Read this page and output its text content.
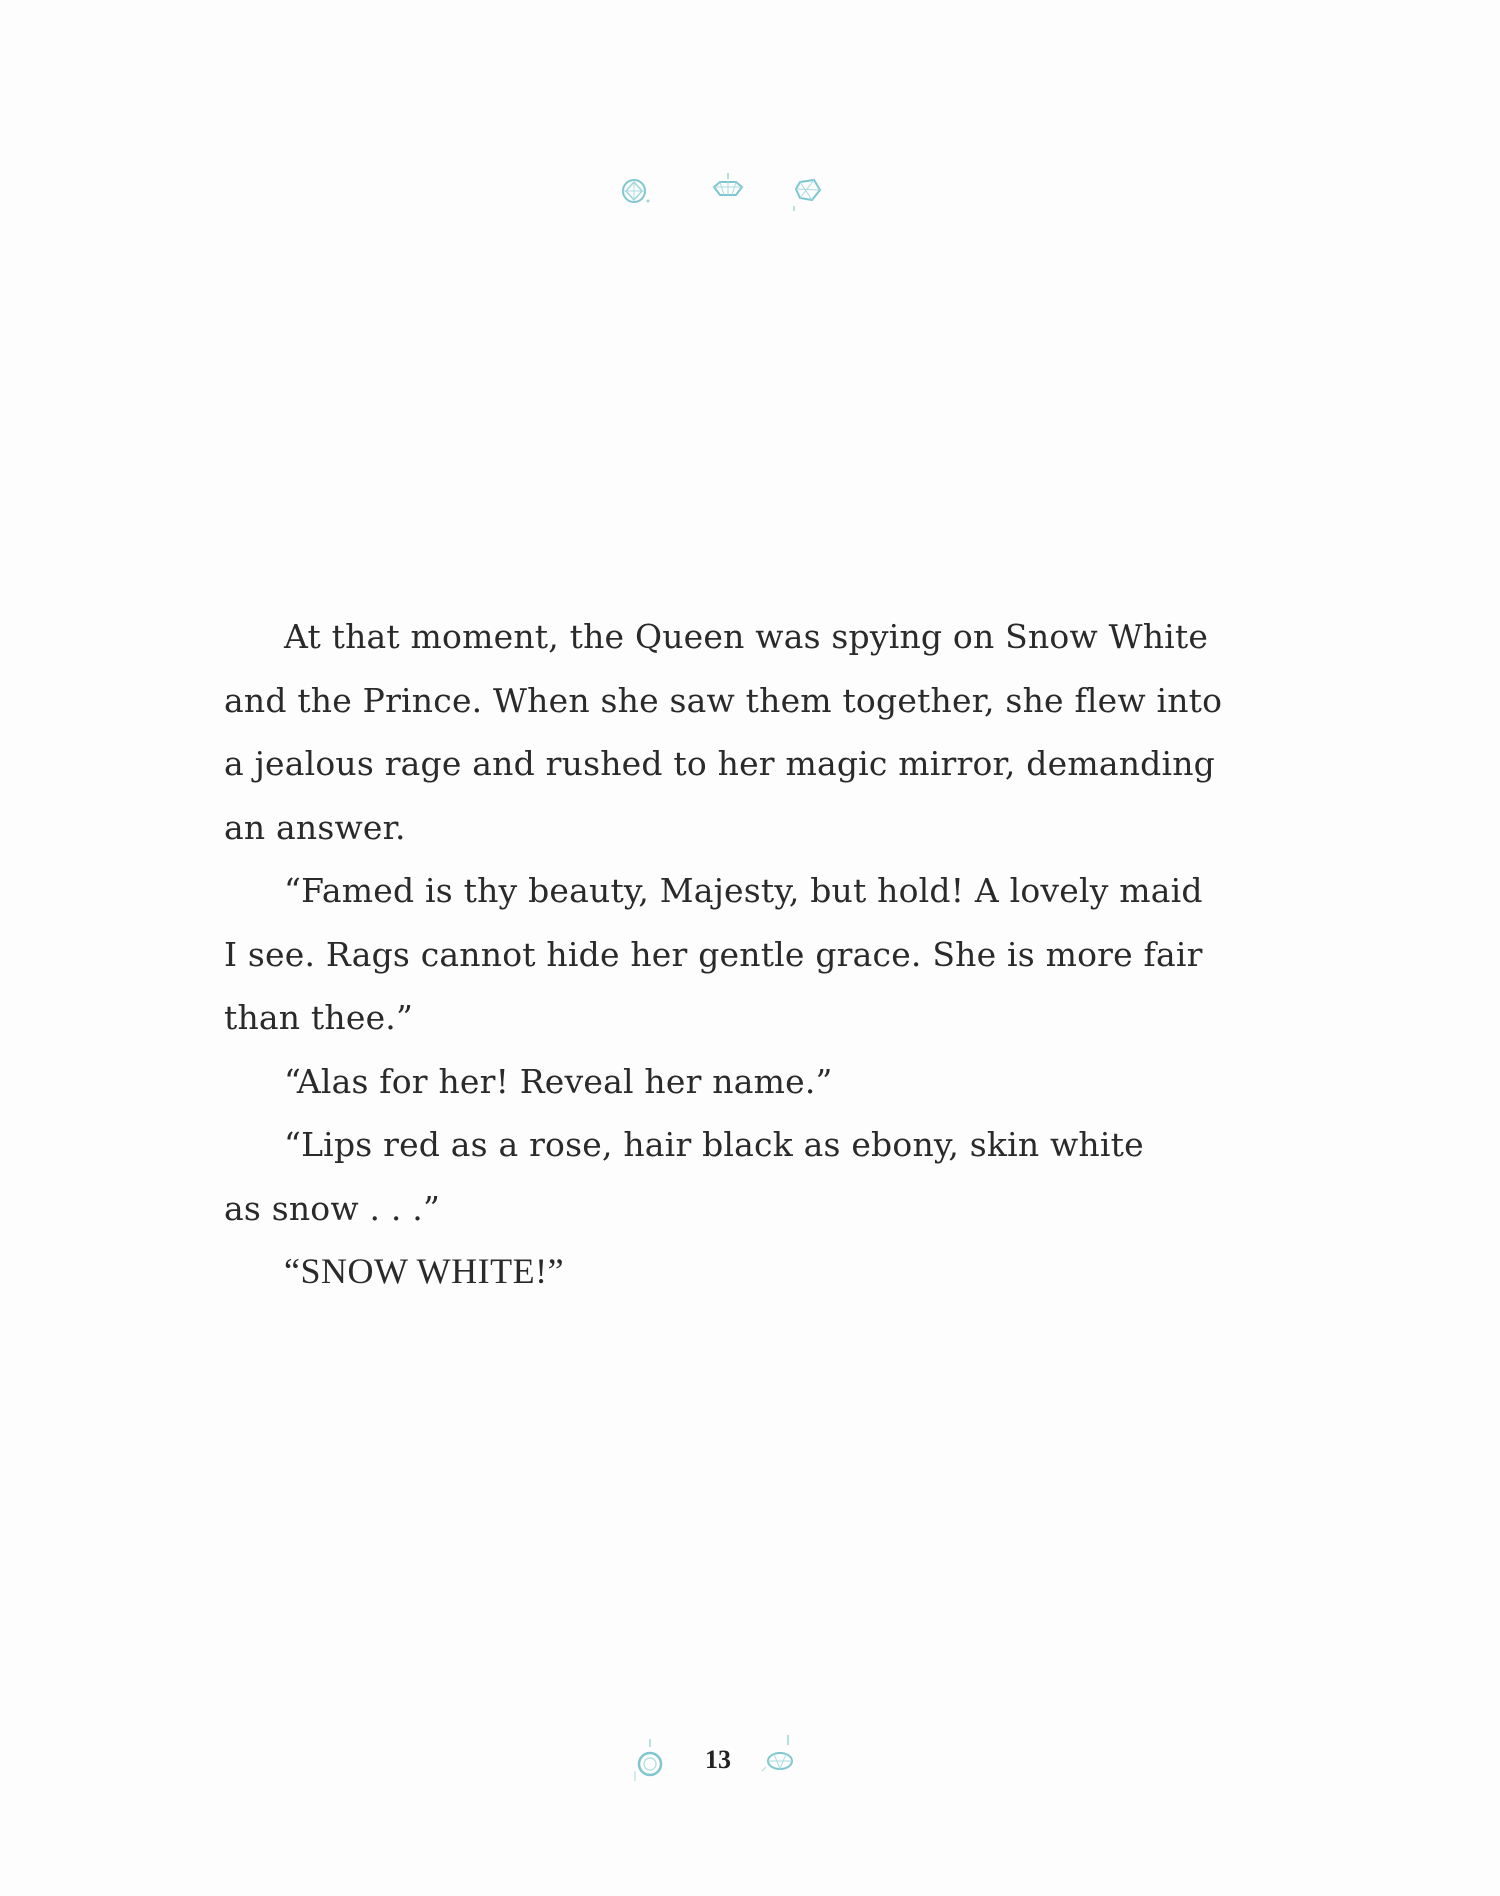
At that moment, the Queen was spying on Snow White
and the Prince. When she saw them together, she flew into
a jealous rage and rushed to her magic mirror, demanding
an answer.
“Famed is thy beauty, Majesty, but hold! A lovely maid
I see. Rags cannot hide her gentle grace. She is more fair
than thee.”
“Alas for her! Reveal her name.”
“Lips red as a rose, hair black as ebony, skin white
as snow . . .”
“SNOW WHITE!”
13
